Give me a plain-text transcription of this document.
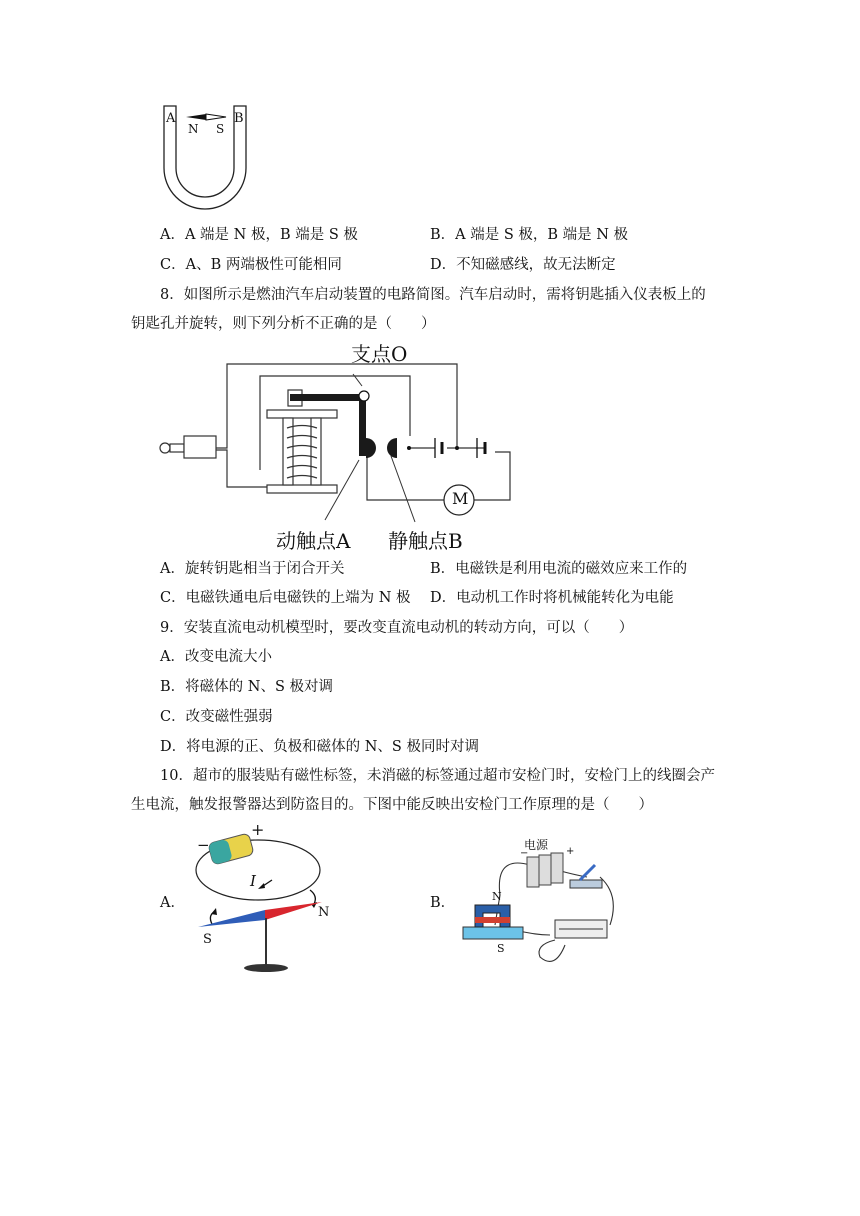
A
N S
B
A．A 端是 N 极，B 端是 S 极	B．A 端是 S 极，B 端是 N 极
C．A、B 两端极性可能相同	D．不知磁感线，故无法断定
8．如图所示是燃油汽车启动装置的电路简图。汽车启动时，需将钥匙插入仪表板上的
钥匙孔并旋转，则下列分析不正确的是（　　）
支点O
M
动触点A 静触点B
A．旋转钥匙相当于闭合开关	B．电磁铁是利用电流的磁效应来工作的
C．电磁铁通电后电磁铁的上端为 N 极 D．电动机工作时将机械能转化为电能
9．安装直流电动机模型时，要改变直流电动机的转动方向，可以（　　）
A．改变电流大小
B．将磁体的 N、S 极对调
C．改变磁性强弱
D．将电源的正、负极和磁体的 N、S 极同时对调
10．超市的服装贴有磁性标签，未消磁的标签通过超市安检门时，安检门上的线圈会产
生电流，触发报警器达到防盗目的。下图中能反映出安检门工作原理的是（　　）
A．	B．
+
−
I
N
S
电源
−	+
N
S
